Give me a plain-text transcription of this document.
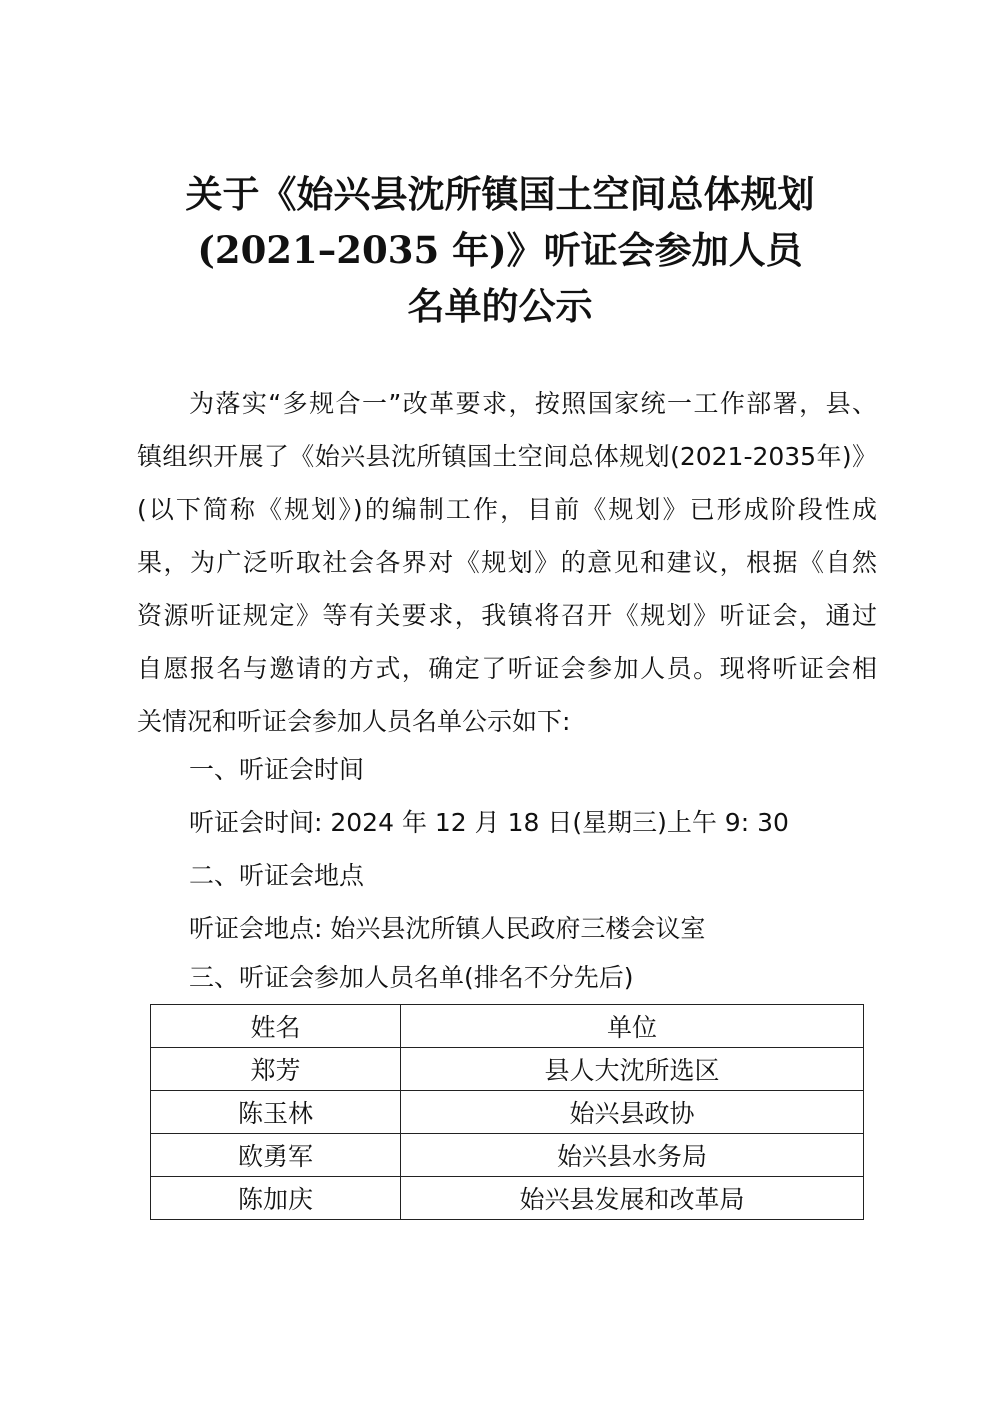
关于《始兴县沈所镇国土空间总体规划
(2021–2035 年)》听证会参加人员
名单的公示
为落实“多规合一”改革要求，按照国家统一工作部署，县、
镇组织开展了《始兴县沈所镇国土空间总体规划(2021-2035年)》
(以下简称《规划》)的编制工作，目前《规划》已形成阶段性成
果，为广泛听取社会各界对《规划》的意见和建议，根据《自然
资源听证规定》等有关要求，我镇将召开《规划》听证会，通过
自愿报名与邀请的方式，确定了听证会参加人员。现将听证会相
关情况和听证会参加人员名单公示如下:
一、听证会时间
听证会时间: 2024 年 12 月 18 日(星期三)上午 9: 30
二、听证会地点
听证会地点: 始兴县沈所镇人民政府三楼会议室
三、听证会参加人员名单(排名不分先后)
姓名	单位
郑芳	县人大沈所选区
陈玉林	始兴县政协
欧勇军	始兴县水务局
陈加庆	始兴县发展和改革局
